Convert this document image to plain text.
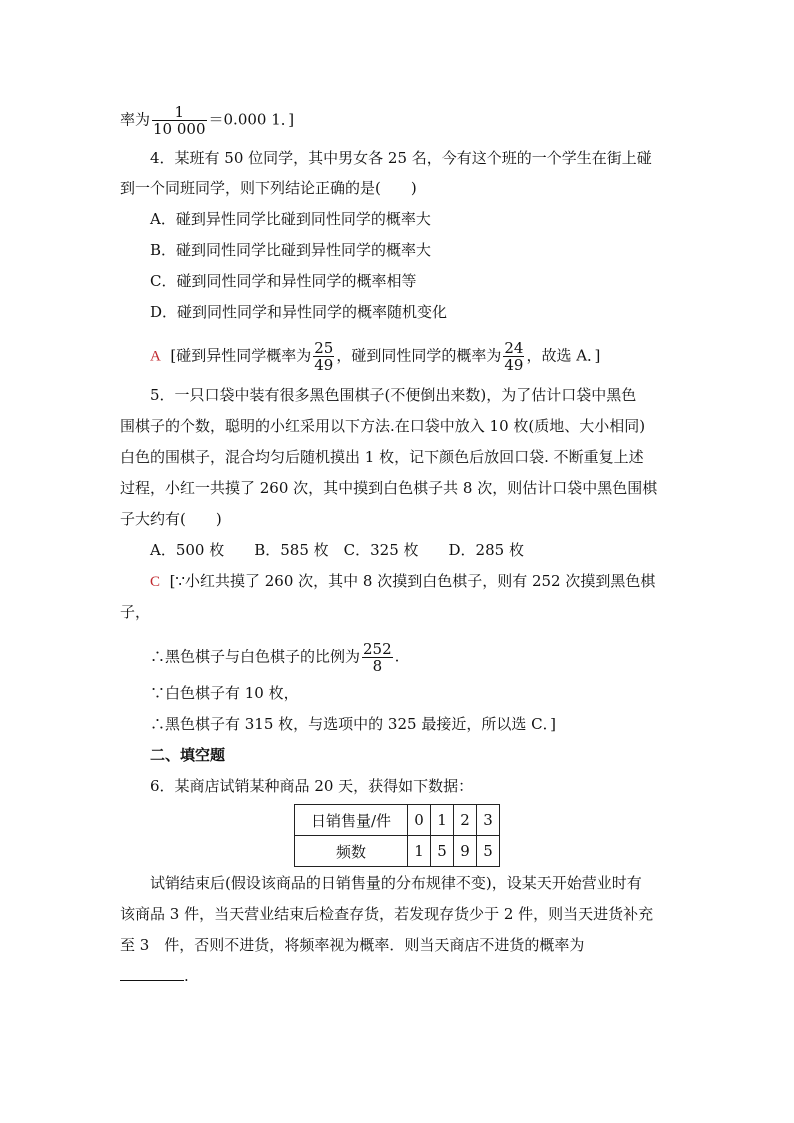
率为 $\frac{1}{10 000} =0.000$ 1．]
4．某班有 50 位同学，其中男女各 25 名，今有这个班的一个学生在街上碰
到一个同班同学，则下列结论正确的是(　　)
A．碰到异性同学比碰到同性同学的概率大
B．碰到同性同学比碰到异性同学的概率大
C．碰到同性同学和异性同学的概率相等
D．碰到同性同学和异性同学的概率随机变化
A [碰到异性同学概率为 $\frac{25}{49}$ ，碰到同性同学的概率为 $\frac{24}{49}$ ，故选 A．]
5．一只口袋中装有很多黑色围棋子(不便倒出来数)，为了估计口袋中黑色
围棋子的个数，聪明的小红采用以下方法.在口袋中放入 10 枚(质地、大小相同)
白色的围棋子，混合均匀后随机摸出 1 枚，记下颜色后放回口袋. 不断重复上述
过程，小红一共摸了 260 次，其中摸到白色棋子共 8 次，则估计口袋中黑色围棋
子大约有(　　)
A．500 枚　　B．585 枚　C．325 枚　　D．285 枚
C [∵小红共摸了 260 次，其中 8 次摸到白色棋子，则有 252 次摸到黑色棋
子，
∴黑色棋子与白色棋子的比例为 $\frac{252}{8}$ .
∵白色棋子有 10 枚，
∴黑色棋子有 315 枚，与选项中的 325 最接近，所以选 C．]
二、填空题
6．某商店试销某种商品 20 天，获得如下数据：
日销售量/件	0	1	2	3
频数	1	5	9	5
试销结束后(假设该商品的日销售量的分布规律不变)，设某天开始营业时有
该商品 3 件，当天营业结束后检查存货，若发现存货少于 2 件，则当天进货补充
至 3　件，否则不进货，将频率视为概率．则当天商店不进货的概率为
.
